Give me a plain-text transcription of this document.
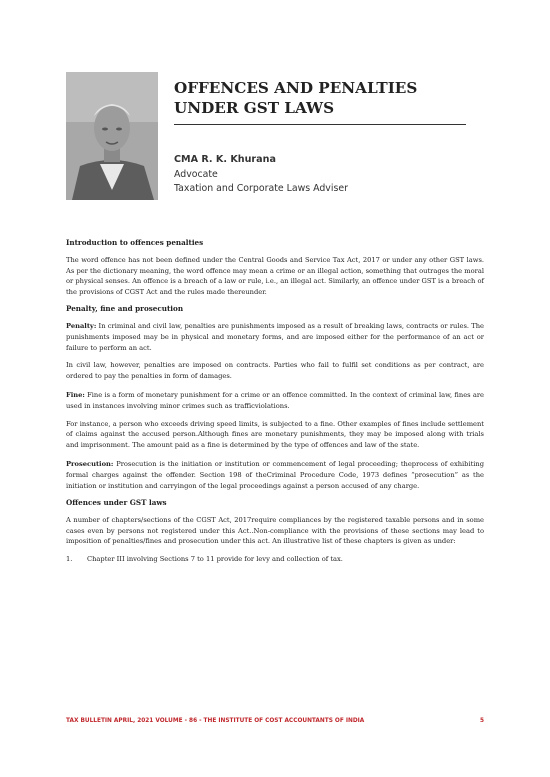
OFFENCES AND PENALTIES UNDER GST LAWS
CMA R. K. Khurana
Advocate
Taxation and Corporate Laws Adviser
Introduction to offences penalties

The word offence has not been defined under the Central Goods and Service Tax Act, 2017 or under any other GST laws. As per the dictionary meaning, the word offence may mean a crime or an illegal action, something that outrages the moral or physical senses. An offence is a breach of a law or rule, i.e., an illegal act. Similarly, an offence under GST is a breach of the provisions of CGST Act and the rules made thereunder.

Penalty, fine and prosecution

Penalty: In criminal and civil law, penalties are punishments imposed as a result of breaking laws, contracts or rules. The punishments imposed may be in physical and monetary forms, and are imposed either for the performance of an act or failure to perform an act.

In civil law, however, penalties are imposed on contracts. Parties who fail to fulfil set conditions as per contract, are ordered to pay the penalties in form of damages.

Fine: Fine is a form of monetary punishment for a crime or an offence committed. In the context of criminal law, fines are used in instances involving minor crimes such as trafficviolations.

For instance, a person who exceeds driving speed limits, is subjected to a fine. Other examples of fines include settlement of claims against the accused person.Although fines are monetary punishments, they may be imposed along with trials and imprisonment. The amount paid as a fine is determined by the type of offences and law of the state.

Prosecution: Prosecution is the initiation or institution or commencement of legal proceeding; theprocess of exhibiting formal charges against the offender. Section 198 of theCriminal Procedure Code, 1973 defines “prosecution” as the initiation or institution and carryingon of the legal proceedings against a person accused of any charge.

Offences under GST laws

A number of chapters/sections of the CGST Act, 2017require compliances by the registered taxable persons and in some cases even by persons not registered under this Act..Non-compliance with the provisions of these sections may lead to imposition of penalties/fines and prosecution under this act. An illustrative list of these chapters is given as under:

1.	Chapter III involving Sections 7 to 11 provide for levy and collection of tax.
TAX BULLETIN APRIL, 2021 VOLUME - 86 - THE INSTITUTE OF COST ACCOUNTANTS OF INDIA	5
